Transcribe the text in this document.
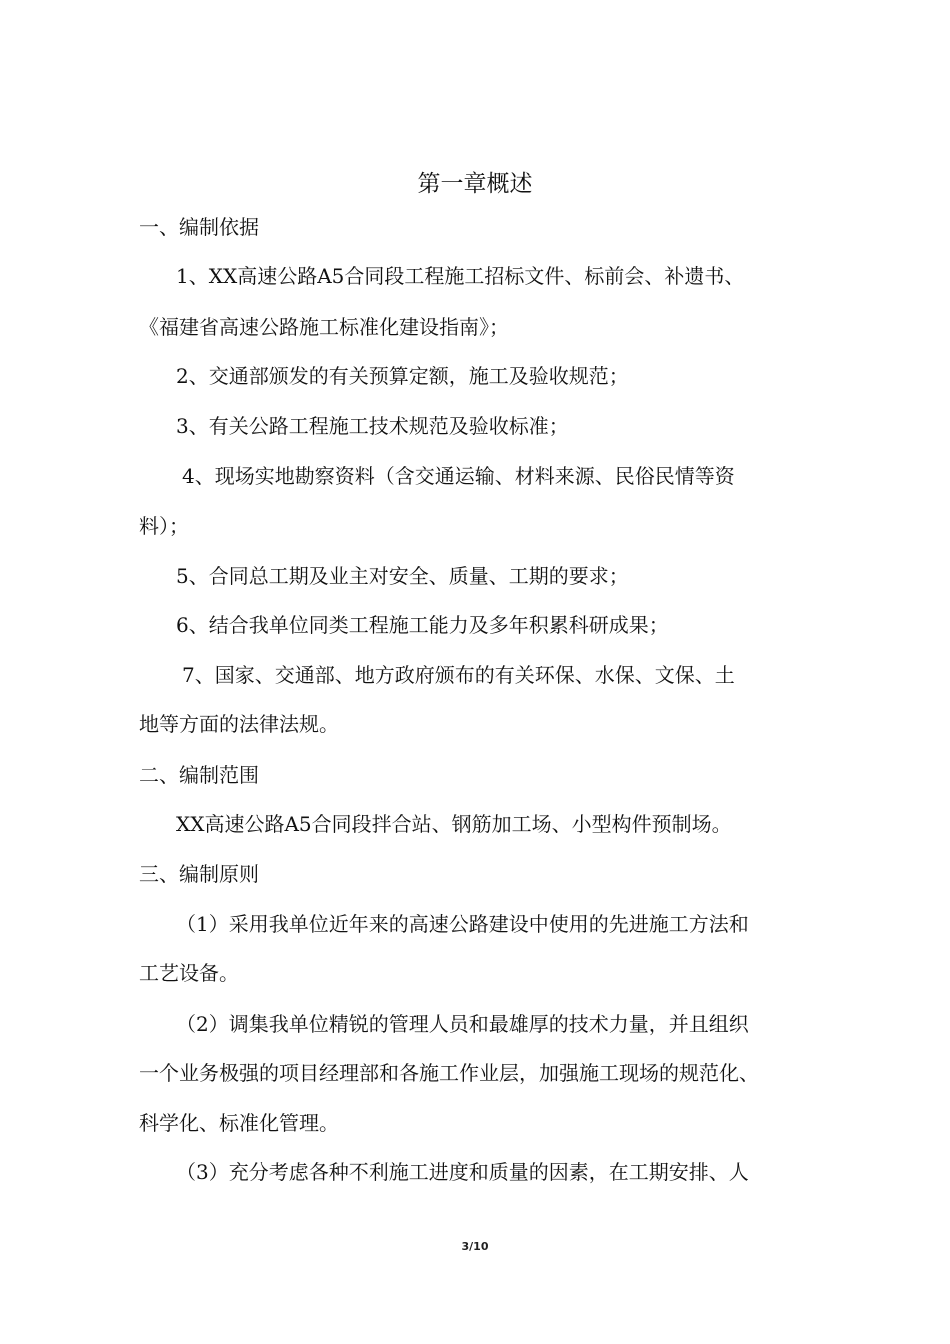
第一章概述
一、编制依据
1、XX高速公路A5合同段工程施工招标文件、标前会、补遗书、
《福建省高速公路施工标准化建设指南》；
2、交通部颁发的有关预算定额，施工及验收规范；
3、有关公路工程施工技术规范及验收标准；
4、现场实地勘察资料（含交通运输、材料来源、民俗民情等资
料）；
5、合同总工期及业主对安全、质量、工期的要求；
6、结合我单位同类工程施工能力及多年积累科研成果；
7、国家、交通部、地方政府颁布的有关环保、水保、文保、土
地等方面的法律法规。
二、编制范围
XX高速公路A5合同段拌合站、钢筋加工场、小型构件预制场。
三、编制原则
（1）采用我单位近年来的高速公路建设中使用的先进施工方法和
工艺设备。
（2）调集我单位精锐的管理人员和最雄厚的技术力量，并且组织
一个业务极强的项目经理部和各施工作业层，加强施工现场的规范化、
科学化、标准化管理。
（3）充分考虑各种不利施工进度和质量的因素，在工期安排、人
3/10
